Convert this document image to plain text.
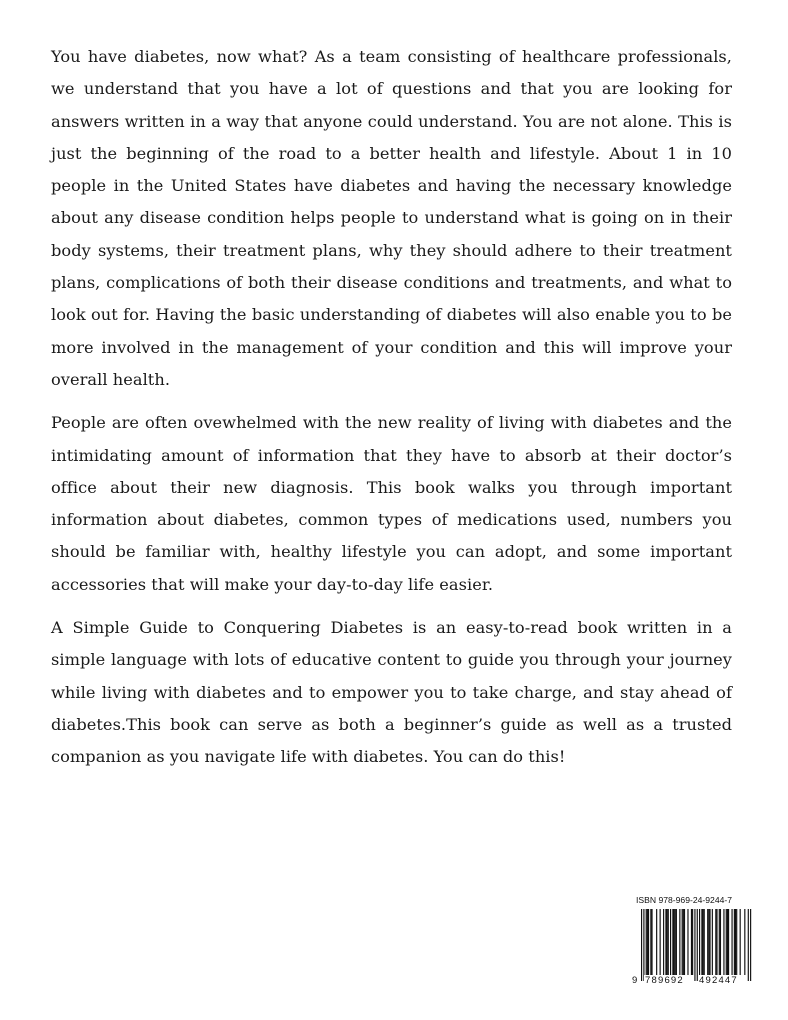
You have diabetes, now what? As a team consisting of healthcare professionals, we understand that you have a lot of questions and that you are looking for answers written in a way that anyone could understand. You are not alone. This is just the beginning of the road to a better health and lifestyle. About 1 in 10 people in the United States have diabetes and having the necessary knowledge about any disease condition helps people to understand what is going on in their body systems, their treatment plans, why they should adhere to their treatment plans, complications of both their disease conditions and treatments, and what to look out for. Having the basic understanding of diabetes will also enable you to be more involved in the management of your condition and this will improve your overall health.

People are often ovewhelmed with the new reality of living with diabetes and the intimidating amount of information that they have to absorb at their doctor’s office about their new diagnosis. This book walks you through important information about diabetes, common types of medications used, numbers you should be familiar with, healthy lifestyle you can adopt, and some important accessories that will make your day-to-day life easier.

A Simple Guide to Conquering Diabetes is an easy-to-read book written in a simple language with lots of educative content to guide you through your journey while living with diabetes and to empower you to take charge, and stay ahead of diabetes.This book can serve as both a beginner’s guide as well as a trusted companion as you navigate life with diabetes. You can do this!

ISBN 978-969-24-9244-7
9 789692 492447
